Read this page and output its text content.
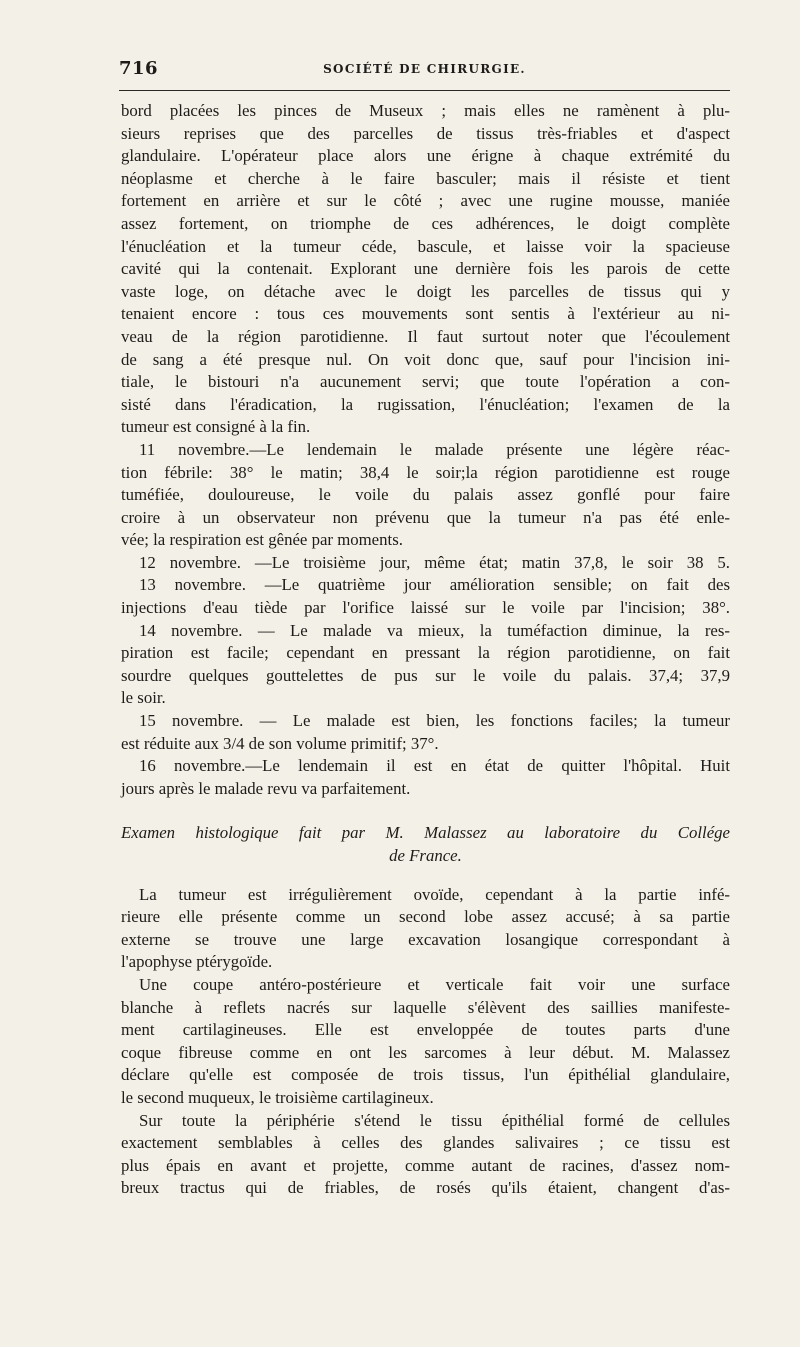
716	SOCIÉTÉ DE CHIRURGIE.
bord placées les pinces de Museux ; mais elles ne ramènent à plu-
sieurs reprises que des parcelles de tissus très-friables et d'aspect
glandulaire. L'opérateur place alors une érigne à chaque extrémité du
néoplasme et cherche à le faire basculer; mais il résiste et tient
fortement en arrière et sur le côté ; avec une rugine mousse, maniée
assez fortement, on triomphe de ces adhérences, le doigt complète
l'énucléation et la tumeur céde, bascule, et laisse voir la spacieuse
cavité qui la contenait. Explorant une dernière fois les parois de cette
vaste loge, on détache avec le doigt les parcelles de tissus qui y
tenaient encore : tous ces mouvements sont sentis à l'extérieur au ni-
veau de la région parotidienne. Il faut surtout noter que l'écoulement
de sang a été presque nul. On voit donc que, sauf pour l'incision ini-
tiale, le bistouri n'a aucunement servi; que toute l'opération a con-
sisté dans l'éradication, la rugissation, l'énucléation; l'examen de la
tumeur est consigné à la fin.
11 novembre.—Le lendemain le malade présente une légère réac-
tion fébrile: 38° le matin; 38,4 le soir;la région parotidienne est rouge
tuméfiée, douloureuse, le voile du palais assez gonflé pour faire
croire à un observateur non prévenu que la tumeur n'a pas été enle-
vée; la respiration est gênée par moments.
12 novembre. —Le troisième jour, même état; matin 37,8, le soir 38 5.
13 novembre. —Le quatrième jour amélioration sensible; on fait des
injections d'eau tiède par l'orifice laissé sur le voile par l'incision; 38°.
14 novembre. — Le malade va mieux, la tuméfaction diminue, la res-
piration est facile; cependant en pressant la région parotidienne, on fait
sourdre quelques gouttelettes de pus sur le voile du palais. 37,4; 37,9
le soir.
15 novembre. — Le malade est bien, les fonctions faciles; la tumeur
est réduite aux 3/4 de son volume primitif; 37°.
16 novembre.—Le lendemain il est en état de quitter l'hôpital. Huit
jours après le malade revu va parfaitement.
Examen histologique fait par M. Malassez au laboratoire du Collége
de France.
La tumeur est irrégulièrement ovoïde, cependant à la partie infé-
rieure elle présente comme un second lobe assez accusé; à sa partie
externe se trouve une large excavation losangique correspondant à
l'apophyse ptérygoïde.
Une coupe antéro-postérieure et verticale fait voir une surface
blanche à reflets nacrés sur laquelle s'élèvent des saillies manifeste-
ment cartilagineuses. Elle est enveloppée de toutes parts d'une
coque fibreuse comme en ont les sarcomes à leur début. M. Malassez
déclare qu'elle est composée de trois tissus, l'un épithélial glandulaire,
le second muqueux, le troisième cartilagineux.
Sur toute la périphérie s'étend le tissu épithélial formé de cellules
exactement semblables à celles des glandes salivaires ; ce tissu est
plus épais en avant et projette, comme autant de racines, d'assez nom-
breux tractus qui de friables, de rosés qu'ils étaient, changent d'as-
